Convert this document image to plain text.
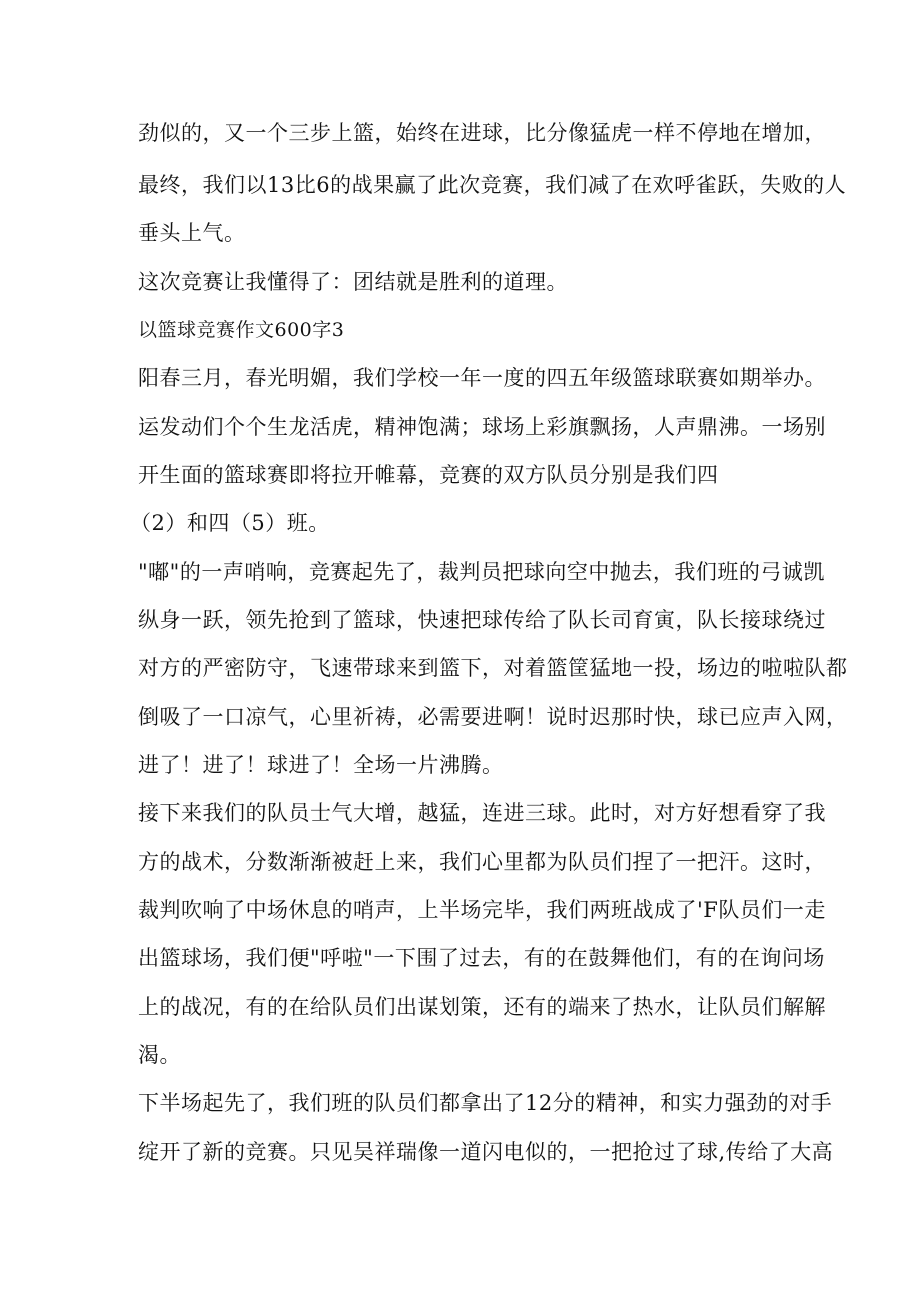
劲似的，又一个三步上篮，始终在进球，比分像猛虎一样不停地在增加，

最终，我们以13比6的战果赢了此次竞赛，我们减了在欢呼雀跃，失败的人

垂头上气。

这次竞赛让我懂得了：团结就是胜利的道理。

以篮球竞赛作文600字3

阳春三月，春光明媚，我们学校一年一度的四五年级篮球联赛如期举办。

运发动们个个生龙活虎，精神饱满；球场上彩旗飘扬，人声鼎沸。一场别

开生面的篮球赛即将拉开帷幕，竞赛的双方队员分别是我们四

（2）和四（5）班。

"嘟"的一声哨响，竞赛起先了，裁判员把球向空中抛去，我们班的弓诚凯

纵身一跃，领先抢到了篮球，快速把球传给了队长司育寅，队长接球绕过

对方的严密防守，飞速带球来到篮下，对着篮筐猛地一投，场边的啦啦队都

倒吸了一口凉气，心里祈祷，必需要进啊！说时迟那时快，球已应声入网，

进了！进了！球进了！全场一片沸腾。

接下来我们的队员士气大增，越猛，连进三球。此时，对方好想看穿了我

方的战术，分数渐渐被赶上来，我们心里都为队员们捏了一把汗。这时，

裁判吹响了中场休息的哨声，上半场完毕，我们两班战成了'F队员们一走

出篮球场，我们便"呼啦"一下围了过去，有的在鼓舞他们，有的在询问场

上的战况，有的在给队员们出谋划策，还有的端来了热水，让队员们解解

渴。

下半场起先了，我们班的队员们都拿出了12分的精神，和实力强劲的对手

绽开了新的竞赛。只见吴祥瑞像一道闪电似的，一把抢过了球,传给了大高
